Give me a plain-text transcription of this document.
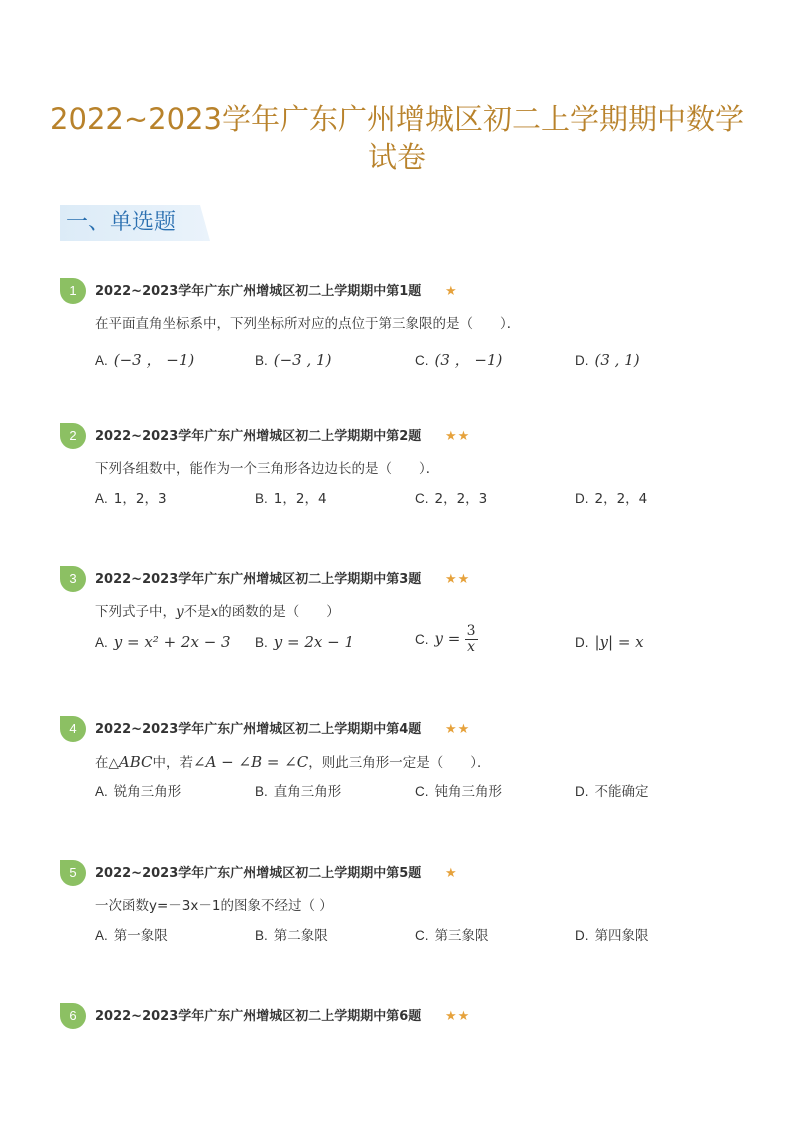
2022~2023学年广东广州增城区初二上学期期中数学试卷
一、单选题
1	2022~2023学年广东广州增城区初二上学期期中第1题 ★
在平面直角坐标系中，下列坐标所对应的点位于第三象限的是（　　）．
A. (−3 ， −1)	B. (−3 , 1)	C. (3 ， −1)	D. (3 , 1)
2	2022~2023学年广东广州增城区初二上学期期中第2题 ★★
下列各组数中，能作为一个三角形各边边长的是（　　）．
A. 1，2，3	B. 1，2，4	C. 2，2，3	D. 2，2，4
3	2022~2023学年广东广州增城区初二上学期期中第3题 ★★
下列式子中，y不是x的函数的是（　　）
A. y = x² + 2x − 3 B. y = 2x − 1	C. $y = \frac{3}{x}$	D. |y| = x
4	2022~2023学年广东广州增城区初二上学期期中第4题 ★★
在△ABC中，若∠A − ∠B = ∠C，则此三角形一定是（　　）．
A. 锐角三角形	B. 直角三角形	C. 钝角三角形	D. 不能确定
5	2022~2023学年广东广州增城区初二上学期期中第5题 ★
一次函数y=－3x－1的图象不经过（ ）
A. 第一象限	B. 第二象限	C. 第三象限	D. 第四象限
6	2022~2023学年广东广州增城区初二上学期期中第6题 ★★
